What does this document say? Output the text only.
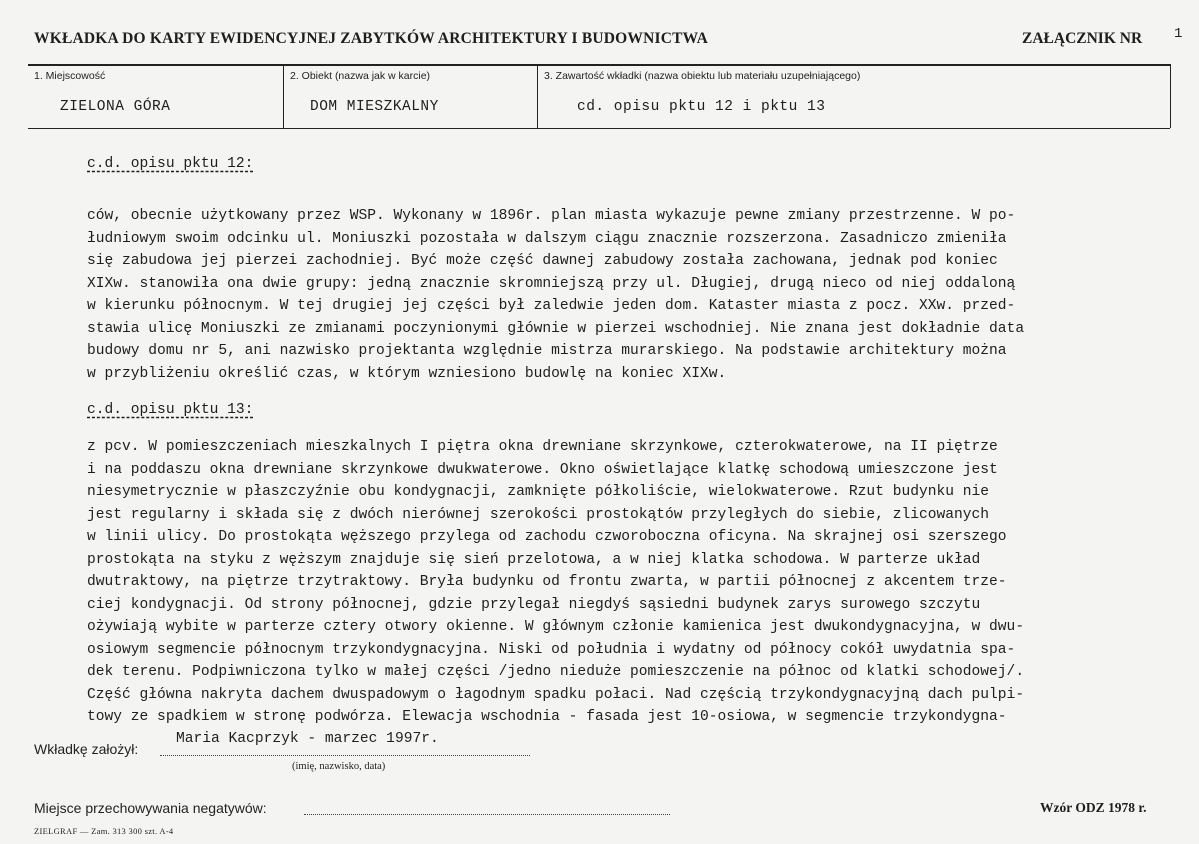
WKŁADKA DO KARTY EWIDENCYJNEJ ZABYTKÓW ARCHITEKTURY I BUDOWNICTWA	ZAŁĄCZNIK NR 1
1. Miejscowość
ZIELONA GÓRA
2. Obiekt (nazwa jak w karcie)
DOM MIESZKALNY
3. Zawartość wkładki (nazwa obiektu lub materiału uzupełniającego)
cd. opisu pktu 12 i pktu 13
c.d. opisu pktu 12:
ców, obecnie użytkowany przez WSP. Wykonany w 1896r. plan miasta wykazuje pewne zmiany przestrzenne. W po-
łudniowym swoim odcinku ul. Moniuszki pozostała w dalszym ciągu znacznie rozszerzona. Zasadniczo zmieniła
się zabudowa jej pierzei zachodniej. Być może część dawnej zabudowy została zachowana, jednak pod koniec
XIXw. stanowiła ona dwie grupy: jedną znacznie skromniejszą przy ul. Długiej, drugą nieco od niej oddaloną
w kierunku północnym. W tej drugiej jej części był zaledwie jeden dom. Kataster miasta z pocz. XXw. przed-
stawia ulicę Moniuszki ze zmianami poczynionymi głównie w pierzei wschodniej. Nie znana jest dokładnie data
budowy domu nr 5, ani nazwisko projektanta względnie mistrza murarskiego. Na podstawie architektury można
w przybliżeniu określić czas, w którym wzniesiono budowlę na koniec XIXw.
c.d. opisu pktu 13:
z pcv. W pomieszczeniach mieszkalnych I piętra okna drewniane skrzynkowe, czterokwaterowe, na II piętrze
i na poddaszu okna drewniane skrzynkowe dwukwaterowe. Okno oświetlające klatkę schodową umieszczone jest
niesymetrycznie w płaszczyźnie obu kondygnacji, zamknięte półkoliście, wielokwaterowe. Rzut budynku nie
jest regularny i składa się z dwóch nierównej szerokości prostokątów przyległych do siebie, zlicowanych
w linii ulicy. Do prostokąta węższego przylega od zachodu czworoboczna oficyna. Na skrajnej osi szerszego
prostokąta na styku z węższym znajduje się sień przelotowa, a w niej klatka schodowa. W parterze układ
dwutraktowy, na piętrze trzytraktowy. Bryła budynku od frontu zwarta, w partii północnej z akcentem trze-
ciej kondygnacji. Od strony północnej, gdzie przylegał niegdyś sąsiedni budynek zarys surowego szczytu
ożywiają wybite w parterze cztery otwory okienne. W głównym członie kamienica jest dwukondygnacyjna, w dwu-
osiowym segmencie północnym trzykondygnacyjna. Niski od południa i wydatny od północy cokół uwydatnia spa-
dek terenu. Podpiwniczona tylko w małej części /jedno nieduże pomieszczenie na północ od klatki schodowej/.
Część główna nakryta dachem dwuspadowym o łagodnym spadku połaci. Nad częścią trzykondygnacyjną dach pulpi-
towy ze spadkiem w stronę podwórza. Elewacja wschodnia - fasada jest 10-osiowa, w segmencie trzykondygna-
Wkładkę założył:
Maria Kacprzyk - marzec 1997r.
(imię, nazwisko, data)
Miejsce przechowywania negatywów:	Wzór ODZ 1978 r.
ZIELGRAF — Zam. 313 300 szt. A-4
